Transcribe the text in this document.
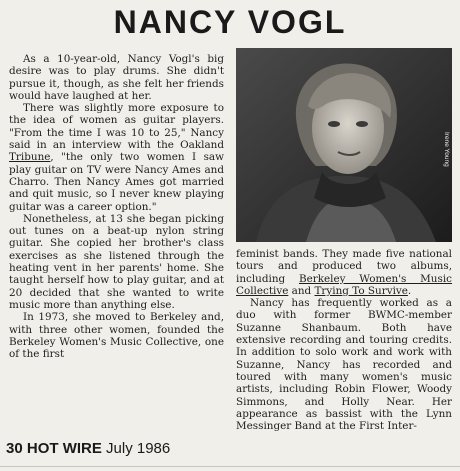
NANCY VOGL
Irene Young

As a 10-year-old, Nancy Vogl's big desire was to play drums. She didn't pursue it, though, as she felt her friends would have laughed at her.

There was slightly more exposure to the idea of women as guitar players. "From the time I was 10 to 25," Nancy said in an interview with the Oakland Tribune, "the only two women I saw play guitar on TV were Nancy Ames and Charro. Then Nancy Ames got married and quit music, so I never knew playing guitar was a career option."

Nonetheless, at 13 she began picking out tunes on a beat-up nylon string guitar. She copied her brother's class exercises as she listened through the heating vent in her parents' home. She taught herself how to play guitar, and at 20 decided that she wanted to write music more than anything else.

In 1973, she moved to Berkeley and, with three other women, founded the Berkeley Women's Music Collective, one of the first

feminist bands. They made five national tours and produced two albums, including Berkeley Women's Music Collective and Trying To Survive.

Nancy has frequently worked as a duo with former BWMC-member Suzanne Shanbaum. Both have extensive recording and touring credits. In addition to solo work and work with Suzanne, Nancy has recorded and toured with many women's music artists, including Robin Flower, Woody Simmons, and Holly Near. Her appearance as bassist with the Lynn Messinger Band at the First Inter-

30 HOT WIRE July 1986
